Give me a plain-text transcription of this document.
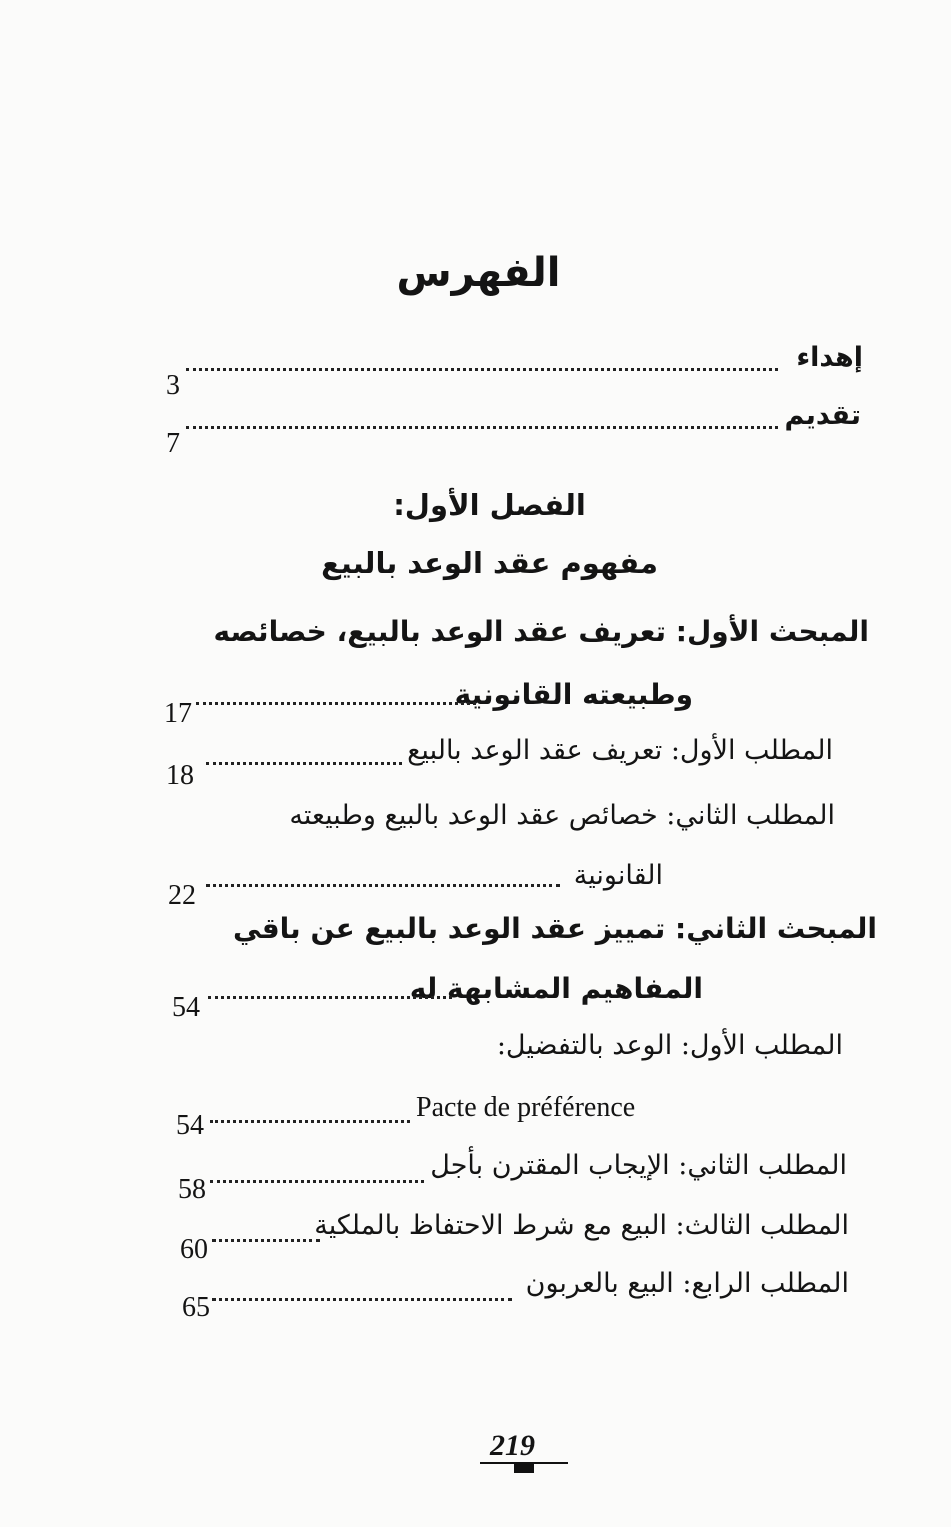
الفهرس
إهداء
3
تقديم
7
الفصل الأول:
مفهوم عقد الوعد بالبيع
المبحث الأول: تعريف عقد الوعد بالبيع، خصائصه
وطبيعته القانونية
17
المطلب الأول: تعريف عقد الوعد بالبيع
18
المطلب الثاني: خصائص عقد الوعد بالبيع وطبيعته
القانونية
22
المبحث الثاني: تمييز عقد الوعد بالبيع عن باقي
المفاهيم المشابهة له
54
المطلب الأول: الوعد بالتفضيل:
Pacte de préférence
54
المطلب الثاني: الإيجاب المقترن بأجل
58
المطلب الثالث: البيع مع شرط الاحتفاظ بالملكية
60
المطلب الرابع: البيع بالعربون
65
219
